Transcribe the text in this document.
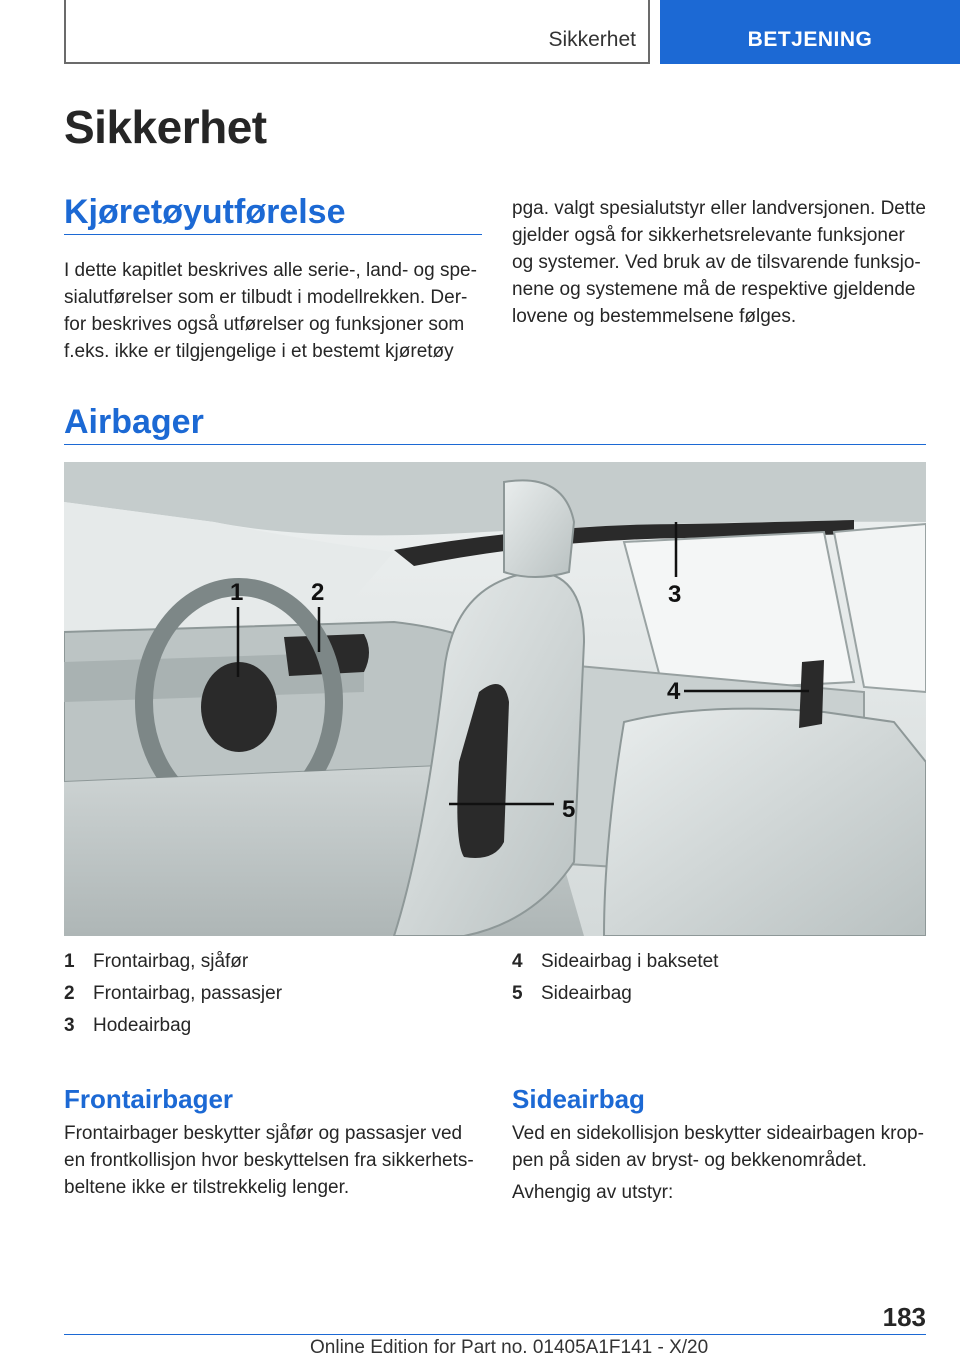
Sikkerhet	BETJENING
Sikkerhet
Kjøretøyutførelse
I dette kapitlet beskrives alle serie-, land- og spe-
sialutførelser som er tilbudt i modellrekken. Der-
for beskrives også utførelser og funksjoner som
f.eks. ikke er tilgjengelige i et bestemt kjøretøy
pga. valgt spesialutstyr eller landversjonen. Dette
gjelder også for sikkerhetsrelevante funksjoner
og systemer. Ved bruk av de tilsvarende funksjo-
nene og systemene må de respektive gjeldende
lovene og bestemmelsene følges.
Airbager
1	2	3
4
5
1 Frontairbag, sjåfør
2 Frontairbag, passasjer
3 Hodeairbag
4 Sideairbag i baksetet
5 Sideairbag
Frontairbager
Frontairbager beskytter sjåfør og passasjer ved
en frontkollisjon hvor beskyttelsen fra sikkerhets-
beltene ikke er tilstrekkelig lenger.
Sideairbag
Ved en sidekollisjon beskytter sideairbagen krop-
pen på siden av bryst- og bekkenområdet.
Avhengig av utstyr:
183
Online Edition for Part no. 01405A1F141 - X/20
